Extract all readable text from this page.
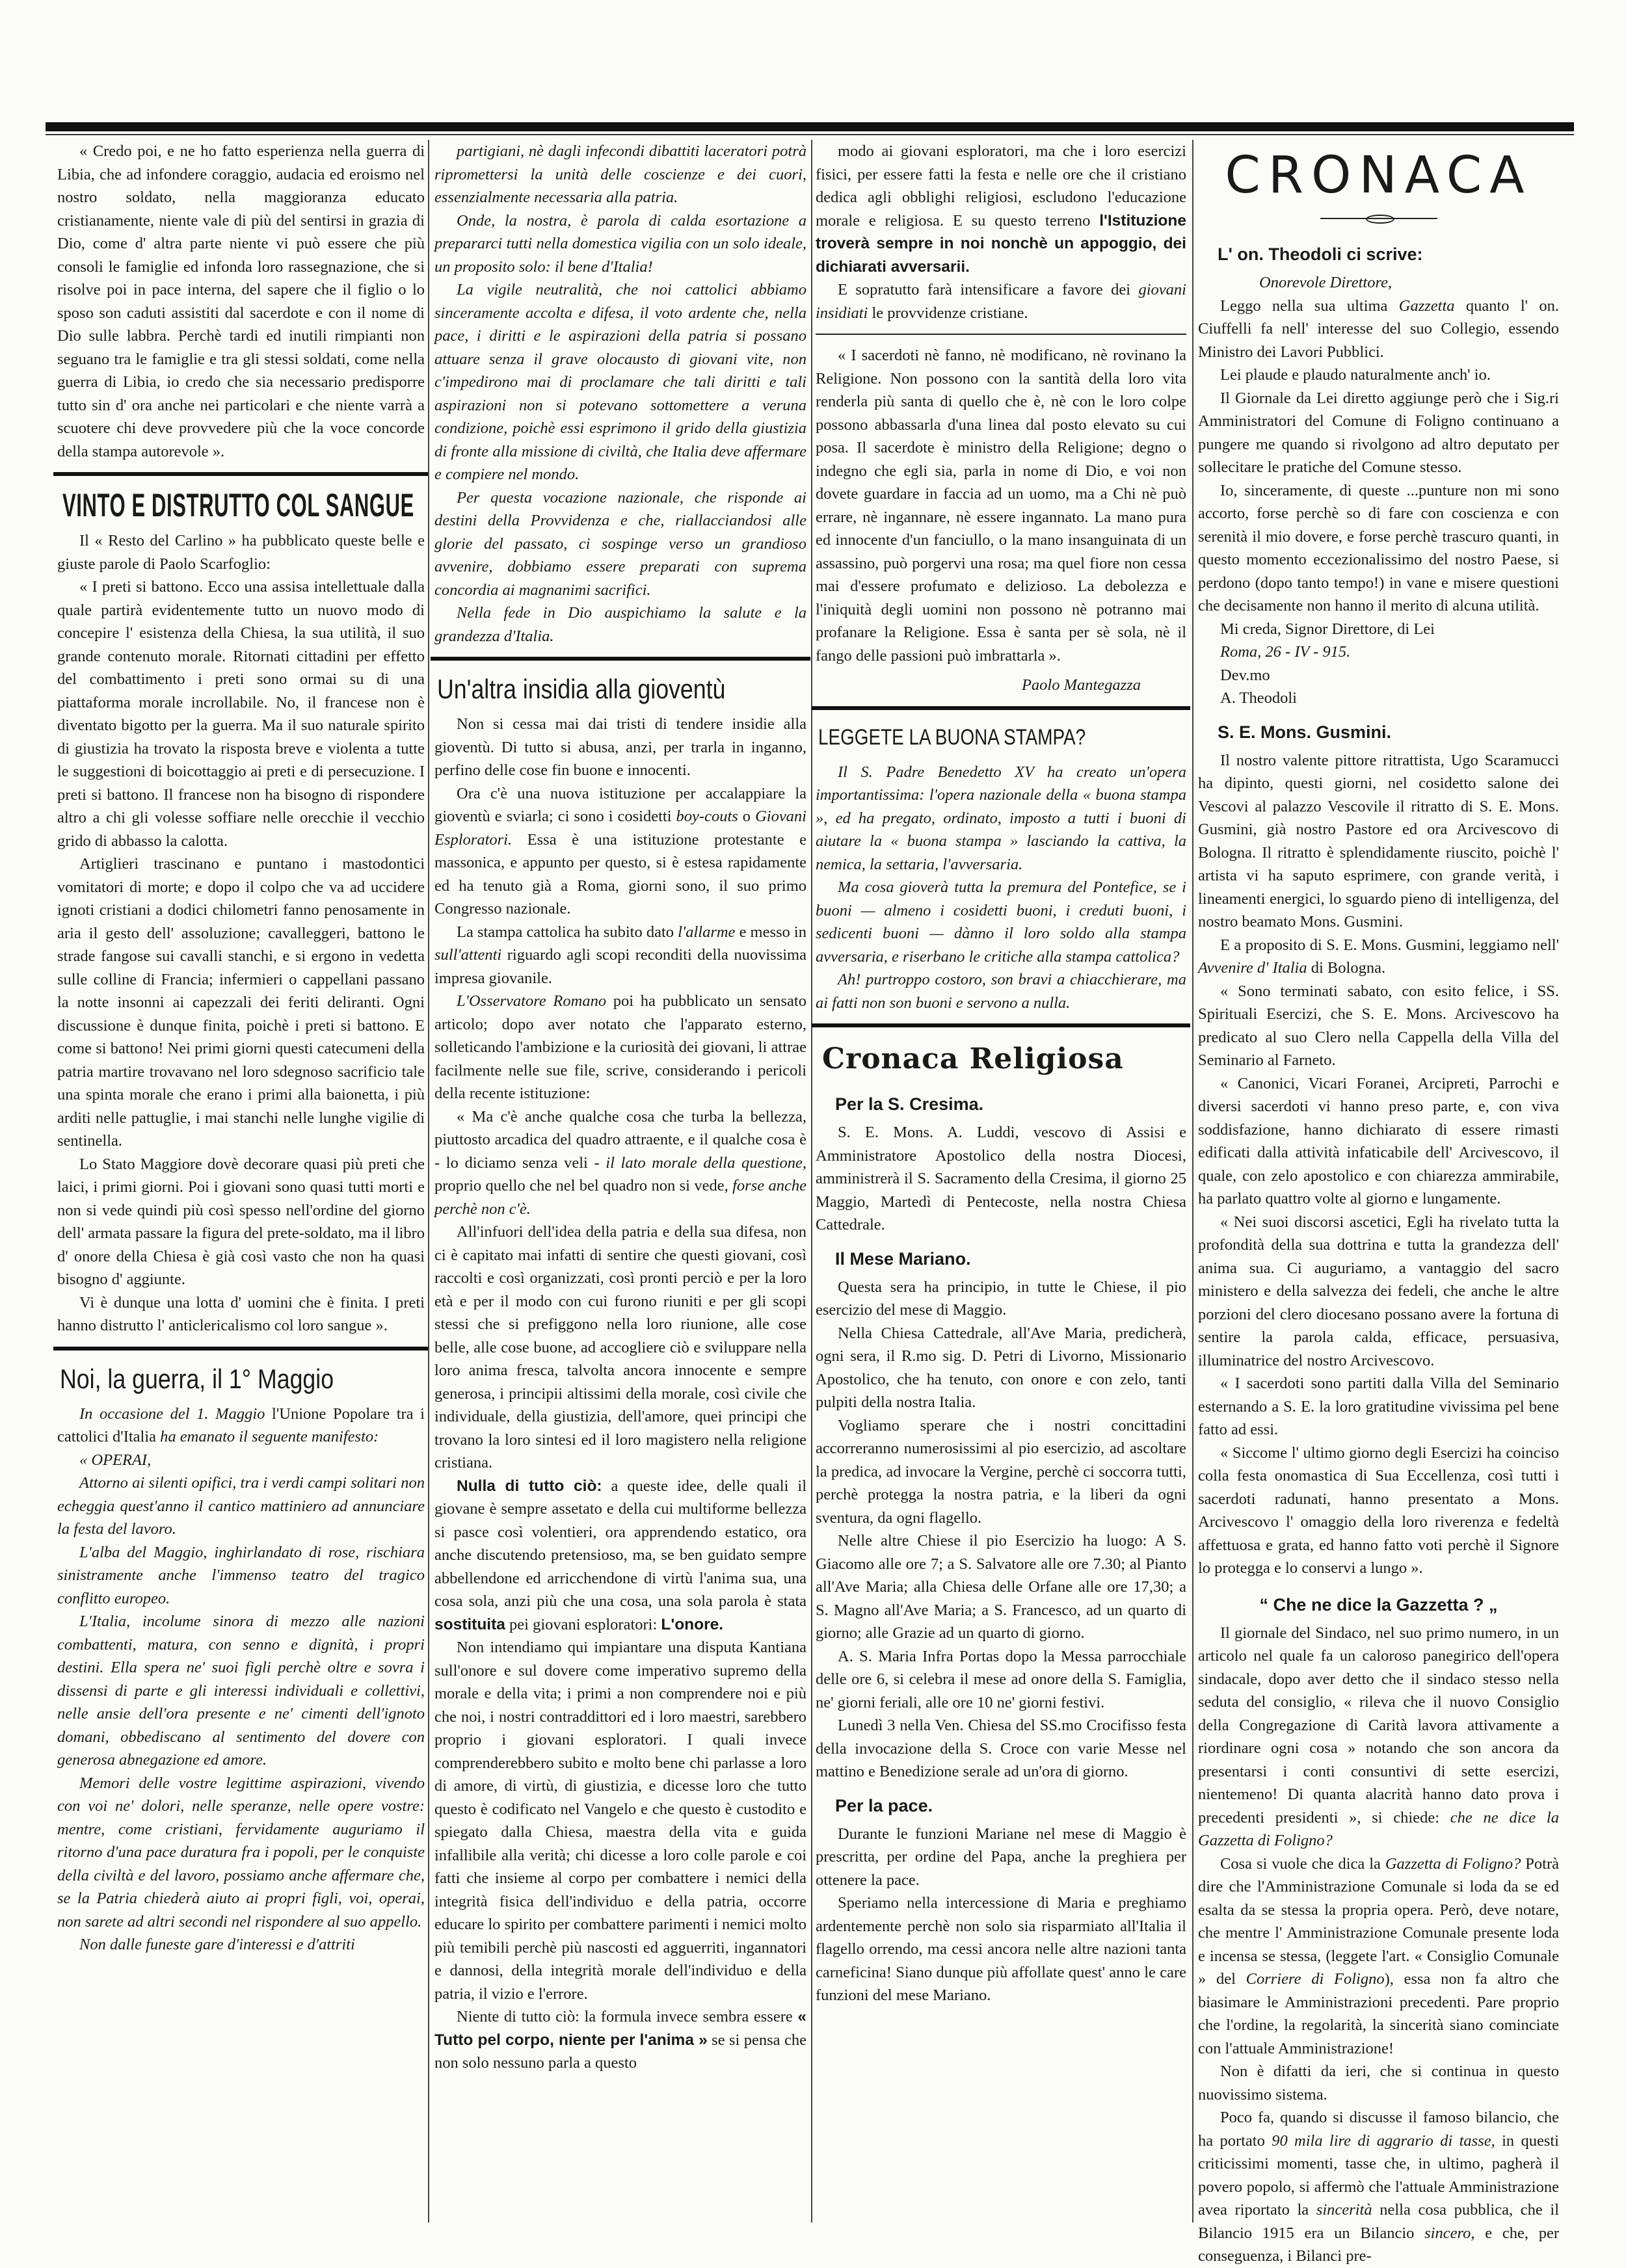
« Credo poi, e ne ho fatto esperienza nella guerra di Libia, che ad infondere coraggio, audacia ed eroismo nel nostro soldato, nella maggioranza educato cristianamente, niente vale di più del sentirsi in grazia di Dio, come d' altra parte niente vi può essere che più consoli le famiglie ed infonda loro rassegnazione, che si risolve poi in pace interna, del sapere che il figlio o lo sposo son caduti assistiti dal sacerdote e con il nome di Dio sulle labbra. Perchè tardi ed inutili rimpianti non seguano tra le famiglie e tra gli stessi soldati, come nella guerra di Libia, io credo che sia necessario predisporre tutto sin d' ora anche nei particolari e che niente varrà a scuotere chi deve provvedere più che la voce concorde della stampa autorevole ».

VINTO E DISTRUTTO COL SANGUE

Il « Resto del Carlino » ha pubblicato queste belle e giuste parole di Paolo Scarfoglio:

« I preti si battono. Ecco una assisa intellettuale dalla quale partirà evidentemente tutto un nuovo modo di concepire l' esistenza della Chiesa, la sua utilità, il suo grande contenuto morale. Ritornati cittadini per effetto del combattimento i preti sono ormai su di una piattaforma morale incrollabile. No, il francese non è diventato bigotto per la guerra. Ma il suo naturale spirito di giustizia ha trovato la risposta breve e violenta a tutte le suggestioni di boicottaggio ai preti e di persecuzione. I preti si battono. Il francese non ha bisogno di rispondere altro a chi gli volesse soffiare nelle orecchie il vecchio grido di abbasso la calotta.

Artiglieri trascinano e puntano i mastodontici vomitatori di morte; e dopo il colpo che va ad uccidere ignoti cristiani a dodici chilometri fanno penosamente in aria il gesto dell' assoluzione; cavalleggeri, battono le strade fangose sui cavalli stanchi, e si ergono in vedetta sulle colline di Francia; infermieri o cappellani passano la notte insonni ai capezzali dei feriti deliranti. Ogni discussione è dunque finita, poichè i preti si battono. E come si battono! Nei primi giorni questi catecumeni della patria martire trovavano nel loro sdegnoso sacrificio tale una spinta morale che erano i primi alla baionetta, i più arditi nelle pattuglie, i mai stanchi nelle lunghe vigilie di sentinella.

Lo Stato Maggiore dovè decorare quasi più preti che laici, i primi giorni. Poi i giovani sono quasi tutti morti e non si vede quindi più così spesso nell'ordine del giorno dell' armata passare la figura del prete-soldato, ma il libro d' onore della Chiesa è già così vasto che non ha quasi bisogno d' aggiunte.

Vi è dunque una lotta d' uomini che è finita. I preti hanno distrutto l' anticlericalismo col loro sangue ».

Noi, la guerra, il 1° Maggio

In occasione del 1. Maggio l'Unione Popolare tra i cattolici d'Italia ha emanato il seguente manifesto:

« OPERAI,

Attorno ai silenti opifici, tra i verdi campi solitari non echeggia quest'anno il cantico mattiniero ad annunciare la festa del lavoro.

L'alba del Maggio, inghirlandato di rose, rischiara sinistramente anche l'immenso teatro del tragico conflitto europeo.

L'Italia, incolume sinora di mezzo alle nazioni combattenti, matura, con senno e dignità, i propri destini. Ella spera ne' suoi figli perchè oltre e sovra i dissensi di parte e gli interessi individuali e collettivi, nelle ansie dell'ora presente e ne' cimenti dell'ignoto domani, obbediscano al sentimento del dovere con generosa abnegazione ed amore.

Memori delle vostre legittime aspirazioni, vivendo con voi ne' dolori, nelle speranze, nelle opere vostre: mentre, come cristiani, fervidamente auguriamo il ritorno d'una pace duratura fra i popoli, per le conquiste della civiltà e del lavoro, possiamo anche affermare che, se la Patria chiederà aiuto ai propri figli, voi, operai, non sarete ad altri secondi nel rispondere al suo appello.

Non dalle funeste gare d'interessi e d'attriti

partigiani, nè dagli infecondi dibattiti laceratori potrà ripromettersi la unità delle coscienze e dei cuori, essenzialmente necessaria alla patria.

Onde, la nostra, è parola di calda esortazione a prepararci tutti nella domestica vigilia con un solo ideale, un proposito solo: il bene d'Italia!

La vigile neutralità, che noi cattolici abbiamo sinceramente accolta e difesa, il voto ardente che, nella pace, i diritti e le aspirazioni della patria si possano attuare senza il grave olocausto di giovani vite, non c'impedirono mai di proclamare che tali diritti e tali aspirazioni non si potevano sottomettere a veruna condizione, poichè essi esprimono il grido della giustizia di fronte alla missione di civiltà, che Italia deve affermare e compiere nel mondo.

Per questa vocazione nazionale, che risponde ai destini della Provvidenza e che, riallacciandosi alle glorie del passato, ci sospinge verso un grandioso avvenire, dobbiamo essere preparati con suprema concordia ai magnanimi sacrifici.

Nella fede in Dio auspichiamo la salute e la grandezza d'Italia.

Un'altra insidia alla gioventù

Non si cessa mai dai tristi di tendere insidie alla gioventù. Di tutto si abusa, anzi, per trarla in inganno, perfino delle cose fin buone e innocenti.

Ora c'è una nuova istituzione per accalappiare la gioventù e sviarla; ci sono i cosidetti boy-couts o Giovani Esploratori. Essa è una istituzione protestante e massonica, e appunto per questo, si è estesa rapidamente ed ha tenuto già a Roma, giorni sono, il suo primo Congresso nazionale.

La stampa cattolica ha subito dato l'allarme e messo in sull'attenti riguardo agli scopi reconditi della nuovissima impresa giovanile.

L'Osservatore Romano poi ha pubblicato un sensato articolo; dopo aver notato che l'apparato esterno, solleticando l'ambizione e la curiosità dei giovani, li attrae facilmente nelle sue file, scrive, considerando i pericoli della recente istituzione:

« Ma c'è anche qualche cosa che turba la bellezza, piuttosto arcadica del quadro attraente, e il qualche cosa è - lo diciamo senza veli - il lato morale della questione, proprio quello che nel bel quadro non si vede, forse anche perchè non c'è.

All'infuori dell'idea della patria e della sua difesa, non ci è capitato mai infatti di sentire che questi giovani, così raccolti e così organizzati, così pronti perciò e per la loro età e per il modo con cui furono riuniti e per gli scopi stessi che si prefiggono nella loro riunione, alle cose belle, alle cose buone, ad accogliere ciò e sviluppare nella loro anima fresca, talvolta ancora innocente e sempre generosa, i principii altissimi della morale, così civile che individuale, della giustizia, dell'amore, quei principi che trovano la loro sintesi ed il loro magistero nella religione cristiana.

Nulla di tutto ciò: a queste idee, delle quali il giovane è sempre assetato e della cui multiforme bellezza si pasce così volentieri, ora apprendendo estatico, ora anche discutendo pretensioso, ma, se ben guidato sempre abbellendone ed arricchendone di virtù l'anima sua, una cosa sola, anzi più che una cosa, una sola parola è stata sostituita pei giovani esploratori: L'onore.

Non intendiamo qui impiantare una disputa Kantiana sull'onore e sul dovere come imperativo supremo della morale e della vita; i primi a non comprendere noi e più che noi, i nostri contraddittori ed i loro maestri, sarebbero proprio i giovani esploratori. I quali invece comprenderebbero subito e molto bene chi parlasse a loro di amore, di virtù, di giustizia, e dicesse loro che tutto questo è codificato nel Vangelo e che questo è custodito e spiegato dalla Chiesa, maestra della vita e guida infallibile alla verità; chi dicesse a loro colle parole e coi fatti che insieme al corpo per combattere i nemici della integrità fisica dell'individuo e della patria, occorre educare lo spirito per combattere parimenti i nemici molto più temibili perchè più nascosti ed agguerriti, ingannatori e dannosi, della integrità morale dell'individuo e della patria, il vizio e l'errore.

Niente di tutto ciò: la formula invece sembra essere « Tutto pel corpo, niente per l'anima » se si pensa che non solo nessuno parla a questo

modo ai giovani esploratori, ma che i loro esercizi fisici, per essere fatti la festa e nelle ore che il cristiano dedica agli obblighi religiosi, escludono l'educazione morale e religiosa. E su questo terreno l'Istituzione troverà sempre in noi nonchè un appoggio, dei dichiarati avversarii.

E sopratutto farà intensificare a favore dei giovani insidiati le provvidenze cristiane.

« I sacerdoti nè fanno, nè modificano, nè rovinano la Religione. Non possono con la santità della loro vita renderla più santa di quello che è, nè con le loro colpe possono abbassarla d'una linea dal posto elevato su cui posa. Il sacerdote è ministro della Religione; degno o indegno che egli sia, parla in nome di Dio, e voi non dovete guardare in faccia ad un uomo, ma a Chi nè può errare, nè ingannare, nè essere ingannato. La mano pura ed innocente d'un fanciullo, o la mano insanguinata di un assassino, può porgervi una rosa; ma quel fiore non cessa mai d'essere profumato e delizioso. La debolezza e l'iniquità degli uomini non possono nè potranno mai profanare la Religione. Essa è santa per sè sola, nè il fango delle passioni può imbrattarla ».

Paolo Mantegazza
LEGGETE LA BUONA STAMPA?

Il S. Padre Benedetto XV ha creato un'opera importantissima: l'opera nazionale della « buona stampa », ed ha pregato, ordinato, imposto a tutti i buoni di aiutare la « buona stampa » lasciando la cattiva, la nemica, la settaria, l'avversaria.

Ma cosa gioverà tutta la premura del Pontefice, se i buoni — almeno i cosidetti buoni, i creduti buoni, i sedicenti buoni — dànno il loro soldo alla stampa avversaria, e riserbano le critiche alla stampa cattolica?

Ah! purtroppo costoro, son bravi a chiacchierare, ma ai fatti non son buoni e servono a nulla.

Cronaca Religiosa
Per la S. Cresima.

S. E. Mons. A. Luddi, vescovo di Assisi e Amministratore Apostolico della nostra Diocesi, amministrerà il S. Sacramento della Cresima, il giorno 25 Maggio, Martedì di Pentecoste, nella nostra Chiesa Cattedrale.

Il Mese Mariano.

Questa sera ha principio, in tutte le Chiese, il pio esercizio del mese di Maggio.

Nella Chiesa Cattedrale, all'Ave Maria, predicherà, ogni sera, il R.mo sig. D. Petri di Livorno, Missionario Apostolico, che ha tenuto, con onore e con zelo, tanti pulpiti della nostra Italia.

Vogliamo sperare che i nostri concittadini accorreranno numerosissimi al pio esercizio, ad ascoltare la predica, ad invocare la Vergine, perchè ci soccorra tutti, perchè protegga la nostra patria, e la liberi da ogni sventura, da ogni flagello.

Nelle altre Chiese il pio Esercizio ha luogo: A S. Giacomo alle ore 7; a S. Salvatore alle ore 7.30; al Pianto all'Ave Maria; alla Chiesa delle Orfane alle ore 17,30; a S. Magno all'Ave Maria; a S. Francesco, ad un quarto di giorno; alle Grazie ad un quarto di giorno.

A. S. Maria Infra Portas dopo la Messa parrocchiale delle ore 6, si celebra il mese ad onore della S. Famiglia, ne' giorni feriali, alle ore 10 ne' giorni festivi.

Lunedì 3 nella Ven. Chiesa del SS.mo Crocifisso festa della invocazione della S. Croce con varie Messe nel mattino e Benedizione serale ad un'ora di giorno.

Per la pace.

Durante le funzioni Mariane nel mese di Maggio è prescritta, per ordine del Papa, anche la preghiera per ottenere la pace.

Speriamo nella intercessione di Maria e preghiamo ardentemente perchè non solo sia risparmiato all'Italia il flagello orrendo, ma cessi ancora nelle altre nazioni tanta carneficina! Siano dunque più affollate quest' anno le care funzioni del mese Mariano.

CRONACA
L' on. Theodoli ci scrive:

Onorevole Direttore,

Leggo nella sua ultima Gazzetta quanto l' on. Ciuffelli fa nell' interesse del suo Collegio, essendo Ministro dei Lavori Pubblici.

Lei plaude e plaudo naturalmente anch' io.

Il Giornale da Lei diretto aggiunge però che i Sig.ri Amministratori del Comune di Foligno continuano a pungere me quando si rivolgono ad altro deputato per sollecitare le pratiche del Comune stesso.

Io, sinceramente, di queste ...punture non mi sono accorto, forse perchè so di fare con coscienza e con serenità il mio dovere, e forse perchè trascuro quanti, in questo momento eccezionalissimo del nostro Paese, si perdono (dopo tanto tempo!) in vane e misere questioni che decisamente non hanno il merito di alcuna utilità.

Mi creda, Signor Direttore, di Lei

Roma, 26 - IV - 915.

Dev.mo

A. Theodoli

S. E. Mons. Gusmini.

Il nostro valente pittore ritrattista, Ugo Scaramucci ha dipinto, questi giorni, nel cosidetto salone dei Vescovi al palazzo Vescovile il ritratto di S. E. Mons. Gusmini, già nostro Pastore ed ora Arcivescovo di Bologna. Il ritratto è splendidamente riuscito, poichè l' artista vi ha saputo esprimere, con grande verità, i lineamenti energici, lo sguardo pieno di intelligenza, del nostro beamato Mons. Gusmini.

E a proposito di S. E. Mons. Gusmini, leggiamo nell' Avvenire d' Italia di Bologna.

« Sono terminati sabato, con esito felice, i SS. Spirituali Esercizi, che S. E. Mons. Arcivescovo ha predicato al suo Clero nella Cappella della Villa del Seminario al Farneto.

« Canonici, Vicari Foranei, Arcipreti, Parrochi e diversi sacerdoti vi hanno preso parte, e, con viva soddisfazione, hanno dichiarato di essere rimasti edificati dalla attività infaticabile dell' Arcivescovo, il quale, con zelo apostolico e con chiarezza ammirabile, ha parlato quattro volte al giorno e lungamente.

« Nei suoi discorsi ascetici, Egli ha rivelato tutta la profondità della sua dottrina e tutta la grandezza dell' anima sua. Ci auguriamo, a vantaggio del sacro ministero e della salvezza dei fedeli, che anche le altre porzioni del clero diocesano possano avere la fortuna di sentire la parola calda, efficace, persuasiva, illuminatrice del nostro Arcivescovo.

« I sacerdoti sono partiti dalla Villa del Seminario esternando a S. E. la loro gratitudine vivissima pel bene fatto ad essi.

« Siccome l' ultimo giorno degli Esercizi ha coinciso colla festa onomastica di Sua Eccellenza, così tutti i sacerdoti radunati, hanno presentato a Mons. Arcivescovo l' omaggio della loro riverenza e fedeltà affettuosa e grata, ed hanno fatto voti perchè il Signore lo protegga e lo conservi a lungo ».

“ Che ne dice la Gazzetta ? „

Il giornale del Sindaco, nel suo primo numero, in un articolo nel quale fa un caloroso panegirico dell'opera sindacale, dopo aver detto che il sindaco stesso nella seduta del consiglio, « rileva che il nuovo Consiglio della Congregazione di Carità lavora attivamente a riordinare ogni cosa » notando che son ancora da presentarsi i conti consuntivi di sette esercizi, nientemeno! Di quanta alacrità hanno dato prova i precedenti presidenti », si chiede: che ne dice la Gazzetta di Foligno?

Cosa si vuole che dica la Gazzetta di Foligno? Potrà dire che l'Amministrazione Comunale si loda da se ed esalta da se stessa la propria opera. Però, deve notare, che mentre l' Amministrazione Comunale presente loda e incensa se stessa, (leggete l'art. « Consiglio Comunale » del Corriere di Foligno), essa non fa altro che biasimare le Amministrazioni precedenti. Pare proprio che l'ordine, la regolarità, la sincerità siano cominciate con l'attuale Amministrazione!

Non è difatti da ieri, che si continua in questo nuovissimo sistema.

Poco fa, quando si discusse il famoso bilancio, che ha portato 90 mila lire di aggrario di tasse, in questi criticissimi momenti, tasse che, in ultimo, pagherà il povero popolo, si affermò che l'attuale Amministrazione avea riportato la sincerità nella cosa pubblica, che il Bilancio 1915 era un Bilancio sincero, e che, per conseguenza, i Bilanci pre-
